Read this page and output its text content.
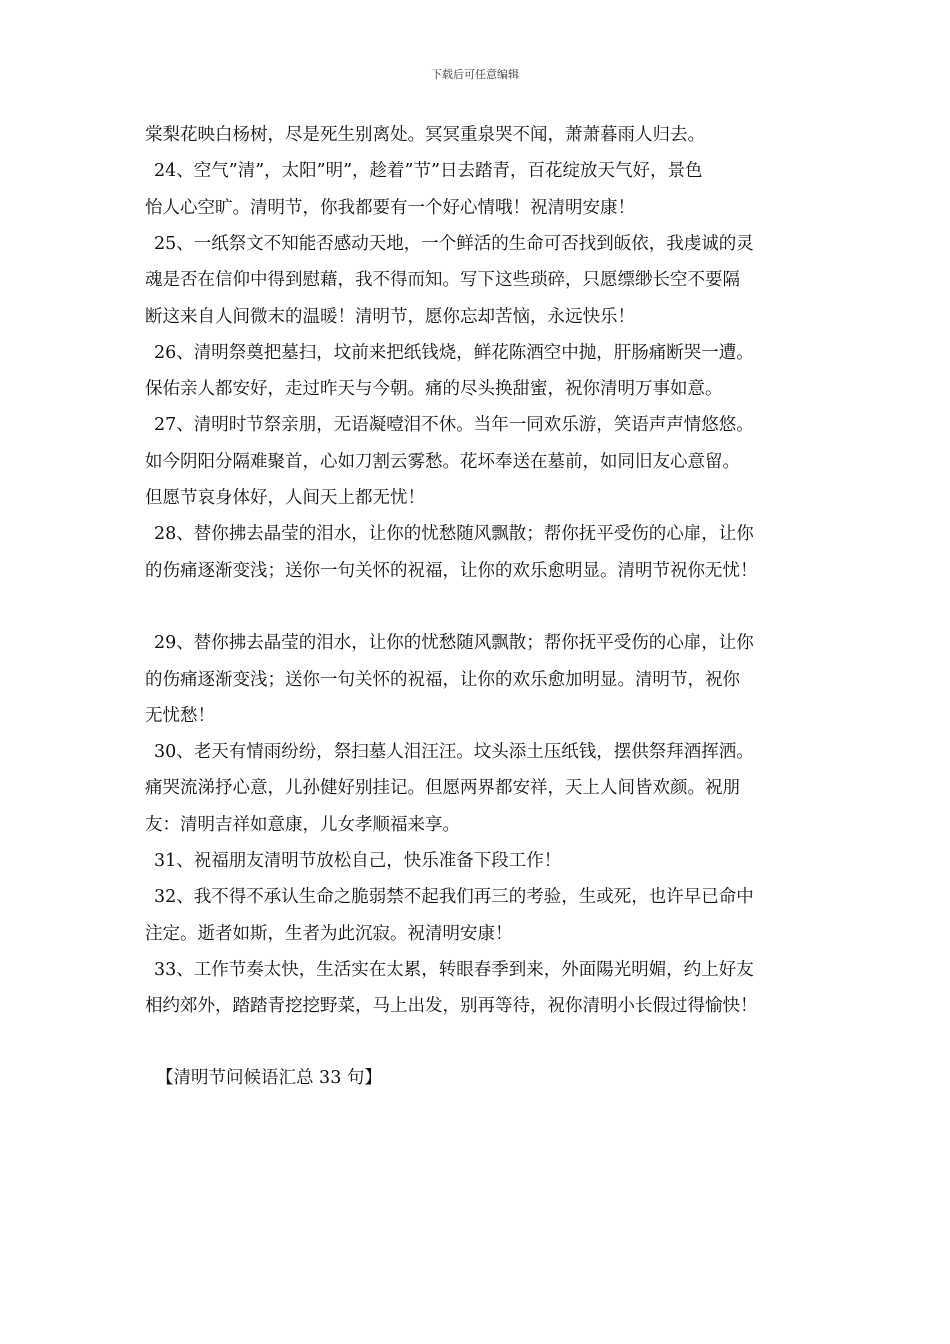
下载后可任意编辑
棠梨花映白杨树，尽是死生别离处。冥冥重泉哭不闻，萧萧暮雨人归去。
24、空气”清”，太阳”明”，趁着”节”日去踏青，百花绽放天气好，景色
怡人心空旷。清明节，你我都要有一个好心情哦！祝清明安康！
25、一纸祭文不知能否感动天地，一个鲜活的生命可否找到皈依，我虔诚的灵
魂是否在信仰中得到慰藉，我不得而知。写下这些琐碎，只愿缥缈长空不要隔
断这来自人间微末的温暖！清明节，愿你忘却苦恼，永远快乐！
26、清明祭奠把墓扫，坟前来把纸钱烧，鲜花陈酒空中抛，肝肠痛断哭一遭。
保佑亲人都安好，走过昨天与今朝。痛的尽头换甜蜜，祝你清明万事如意。
27、清明时节祭亲朋，无语凝噎泪不休。当年一同欢乐游，笑语声声情悠悠。
如今阴阳分隔难聚首，心如刀割云雾愁。花坏奉送在墓前，如同旧友心意留。
但愿节哀身体好，人间天上都无忧！
28、替你拂去晶莹的泪水，让你的忧愁随风飘散；帮你抚平受伤的心扉，让你
的伤痛逐渐变浅；送你一句关怀的祝福，让你的欢乐愈明显。清明节祝你无忧！
29、替你拂去晶莹的泪水，让你的忧愁随风飘散；帮你抚平受伤的心扉，让你
的伤痛逐渐变浅；送你一句关怀的祝福，让你的欢乐愈加明显。清明节，祝你
无忧愁！
30、老天有情雨纷纷，祭扫墓人泪汪汪。坟头添土压纸钱，摆供祭拜酒挥洒。
痛哭流涕抒心意，儿孙健好别挂记。但愿两界都安祥，天上人间皆欢颜。祝朋
友：清明吉祥如意康，儿女孝顺福来享。
31、祝福朋友清明节放松自己，快乐准备下段工作！
32、我不得不承认生命之脆弱禁不起我们再三的考验，生或死，也许早已命中
注定。逝者如斯，生者为此沉寂。祝清明安康！
33、工作节奏太快，生活实在太累，转眼春季到来，外面陽光明媚，约上好友
相约郊外，踏踏青挖挖野菜，马上出发，别再等待，祝你清明小长假过得愉快！
【清明节问候语汇总 33 句】
